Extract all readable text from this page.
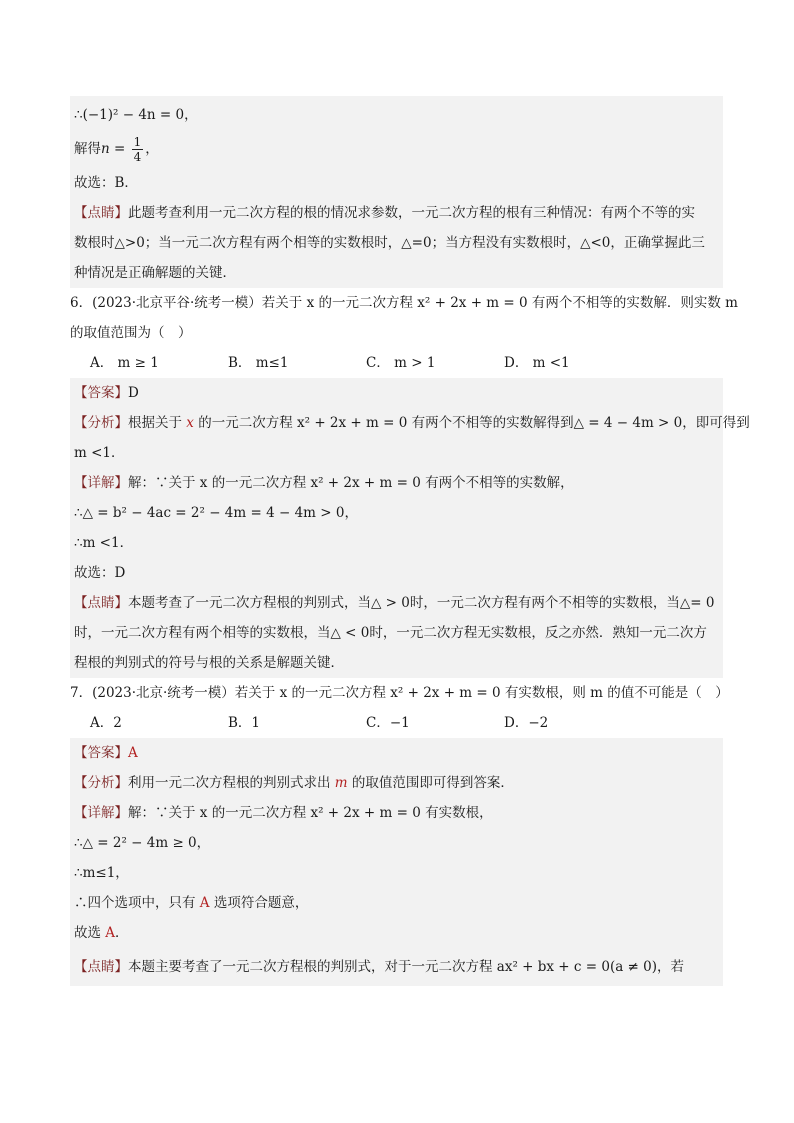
∴(−1)² − 4n = 0，
解得$n = \frac{1}{4}$ ，
故选：B．
【点睛】此题考查利用一元二次方程的根的情况求参数，一元二次方程的根有三种情况：有两个不等的实
数根时△>0；当一元二次方程有两个相等的实数根时，△=0；当方程没有实数根时，△<0，正确掌握此三
种情况是正确解题的关键．
6．(2023·北京平谷·统考一模）若关于 x 的一元二次方程 x² + 2x + m = 0 有两个不相等的实数解．则实数 m
的取值范围为（　）
A． m ≥ 1	B． m≤1	C． m > 1	D． m <1
【答案】D
【分析】根据关于 x 的一元二次方程 x² + 2x + m = 0 有两个不相等的实数解得到△ = 4 − 4m > 0，即可得到
m <1．
【详解】解：∵关于 x 的一元二次方程 x² + 2x + m = 0 有两个不相等的实数解，
∴△ = b² − 4ac = 2² − 4m = 4 − 4m > 0，
∴m <1．
故选：D
【点睛】本题考查了一元二次方程根的判别式，当△ > 0时，一元二次方程有两个不相等的实数根，当△= 0
时，一元二次方程有两个相等的实数根，当△ < 0时，一元二次方程无实数根，反之亦然．熟知一元二次方
程根的判别式的符号与根的关系是解题关键．
7．(2023·北京·统考一模）若关于 x 的一元二次方程 x² + 2x + m = 0 有实数根，则 m 的值不可能是（　）
A．2	B．1	C．−1	D．−2
【答案】A
【分析】利用一元二次方程根的判别式求出 m 的取值范围即可得到答案．
【详解】解：∵关于 x 的一元二次方程 x² + 2x + m = 0 有实数根，
∴△ = 2² − 4m ≥ 0，
∴m≤1，
∴四个选项中，只有 A 选项符合题意，
故选 A．
【点睛】本题主要考查了一元二次方程根的判别式，对于一元二次方程 ax² + bx + c = 0(a ≠ 0)，若
